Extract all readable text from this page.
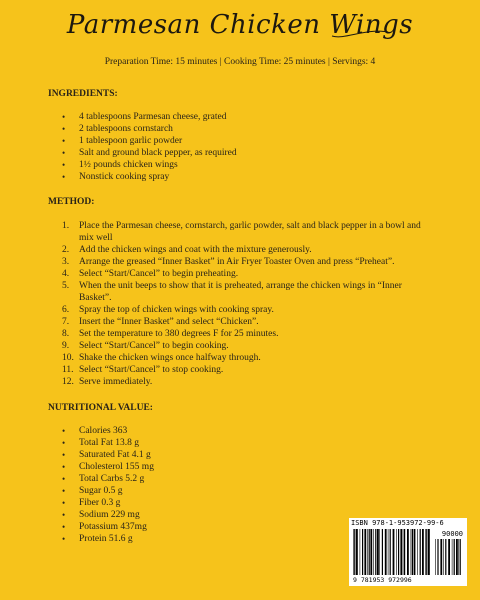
Parmesan Chicken Wings
Preparation Time: 15 minutes | Cooking Time: 25 minutes | Servings: 4
INGREDIENTS:
• 4 tablespoons Parmesan cheese, grated
• 2 tablespoons cornstarch
• 1 tablespoon garlic powder
• Salt and ground black pepper, as required
• 1½ pounds chicken wings
• Nonstick cooking spray
METHOD:
1.	Place the Parmesan cheese, cornstarch, garlic powder, salt and black pepper in a bowl and mix well
2.	Add the chicken wings and coat with the mixture generously.
3.	Arrange the greased “Inner Basket” in Air Fryer Toaster Oven and press “Preheat”.
4.	Select “Start/Cancel” to begin preheating.
5.	When the unit beeps to show that it is preheated, arrange the chicken wings in “Inner Basket”.
6.	Spray the top of chicken wings with cooking spray.
7.	Insert the “Inner Basket” and select “Chicken”.
8.	Set the temperature to 380 degrees F for 25 minutes.
9.	Select “Start/Cancel” to begin cooking.
10. Shake the chicken wings once halfway through.
11. Select “Start/Cancel” to stop cooking.
12. Serve immediately.
NUTRITIONAL VALUE:
• Calories 363
• Total Fat 13.8 g
• Saturated Fat 4.1 g
• Cholesterol 155 mg
• Total Carbs 5.2 g
• Sugar 0.5 g
• Fiber 0.3 g
• Sodium 229 mg
• Potassium 437mg
• Protein 51.6 g
ISBN 978-1-953972-99-6
90000
9 781953 972996
